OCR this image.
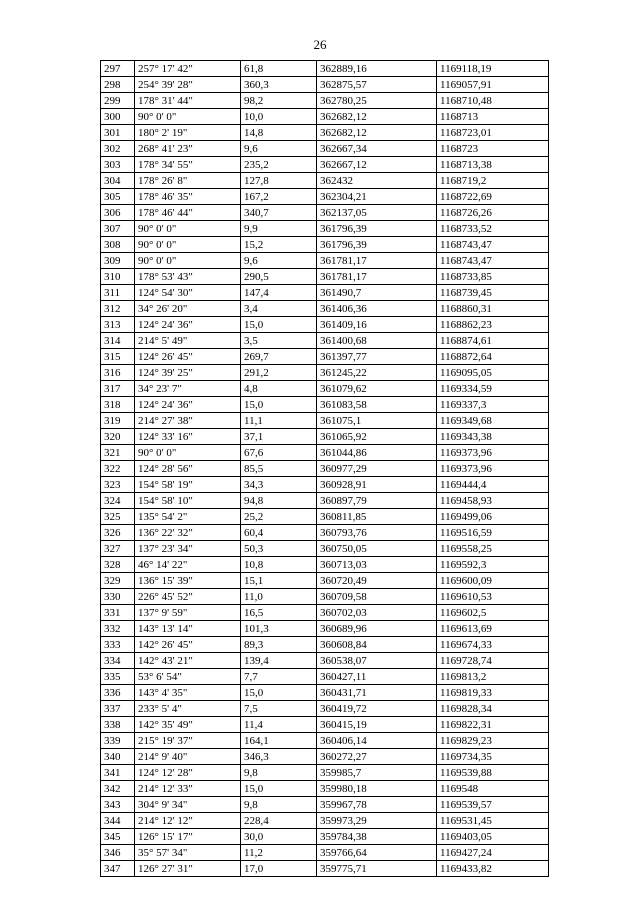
26
297	257° 17' 42"	61,8	362889,16	1169118,19
298	254° 39' 28"	360,3	362875,57	1169057,91
299	178° 31' 44"	98,2	362780,25	1168710,48
300	90° 0' 0"	10,0	362682,12	1168713
301	180° 2' 19"	14,8	362682,12	1168723,01
302	268° 41' 23"	9,6	362667,34	1168723
303	178° 34' 55"	235,2	362667,12	1168713,38
304	178° 26' 8"	127,8	362432	1168719,2
305	178° 46' 35"	167,2	362304,21	1168722,69
306	178° 46' 44"	340,7	362137,05	1168726,26
307	90° 0' 0"	9,9	361796,39	1168733,52
308	90° 0' 0"	15,2	361796,39	1168743,47
309	90° 0' 0"	9,6	361781,17	1168743,47
310	178° 53' 43"	290,5	361781,17	1168733,85
311	124° 54' 30"	147,4	361490,7	1168739,45
312	34° 26' 20"	3,4	361406,36	1168860,31
313	124° 24' 36"	15,0	361409,16	1168862,23
314	214° 5' 49"	3,5	361400,68	1168874,61
315	124° 26' 45"	269,7	361397,77	1168872,64
316	124° 39' 25"	291,2	361245,22	1169095,05
317	34° 23' 7"	4,8	361079,62	1169334,59
318	124° 24' 36"	15,0	361083,58	1169337,3
319	214° 27' 38"	11,1	361075,1	1169349,68
320	124° 33' 16"	37,1	361065,92	1169343,38
321	90° 0' 0"	67,6	361044,86	1169373,96
322	124° 28' 56"	85,5	360977,29	1169373,96
323	154° 58' 19"	34,3	360928,91	1169444,4
324	154° 58' 10"	94,8	360897,79	1169458,93
325	135° 54' 2"	25,2	360811,85	1169499,06
326	136° 22' 32"	60,4	360793,76	1169516,59
327	137° 23' 34"	50,3	360750,05	1169558,25
328	46° 14' 22"	10,8	360713,03	1169592,3
329	136° 15' 39"	15,1	360720,49	1169600,09
330	226° 45' 52"	11,0	360709,58	1169610,53
331	137° 9' 59"	16,5	360702,03	1169602,5
332	143° 13' 14"	101,3	360689,96	1169613,69
333	142° 26' 45"	89,3	360608,84	1169674,33
334	142° 43' 21"	139,4	360538,07	1169728,74
335	53° 6' 54"	7,7	360427,11	1169813,2
336	143° 4' 35"	15,0	360431,71	1169819,33
337	233° 5' 4"	7,5	360419,72	1169828,34
338	142° 35' 49"	11,4	360415,19	1169822,31
339	215° 19' 37"	164,1	360406,14	1169829,23
340	214° 9' 40"	346,3	360272,27	1169734,35
341	124° 12' 28"	9,8	359985,7	1169539,88
342	214° 12' 33"	15,0	359980,18	1169548
343	304° 9' 34"	9,8	359967,78	1169539,57
344	214° 12' 12"	228,4	359973,29	1169531,45
345	126° 15' 17"	30,0	359784,38	1169403,05
346	35° 57' 34"	11,2	359766,64	1169427,24
347	126° 27' 31"	17,0	359775,71	1169433,82
